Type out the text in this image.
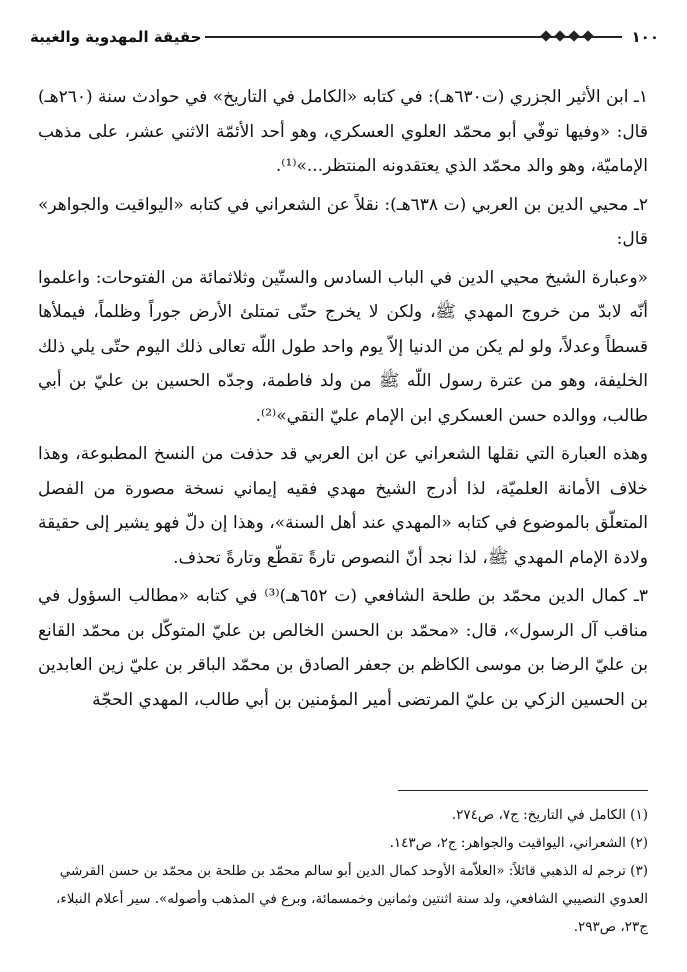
١٠٠
حقيقة المهدوية والغيبة

١ـ ابن الأثير الجزري (ت٦٣٠هـ): في كتابه «الكامل في التاريخ» في حوادث سنة (٢٦٠هـ) قال: «وفيها توفّي أبو محمّد العلوي العسكري، وهو أحد الأئمّة الاثني عشر، على مذهب الإماميّة، وهو والد محمّد الذي يعتقدونه المنتظر...»⁽¹⁾.

٢ـ محيي الدين بن العربي (ت ٦٣٨هـ): نقلاً عن الشعراني في كتابه «اليواقيت والجواهر» قال:

«وعبارة الشيخ محيي الدين في الباب السادس والستّين وثلاثمائة من الفتوحات: واعلموا أنّه لابدّ من خروج المهدي ﷺ، ولكن لا يخرج حتّى تمتلئ الأرض جوراً وظلماً، فيملأها قسطاً وعدلاً، ولو لم يكن من الدنيا إلاّ يوم واحد طول اللّه تعالى ذلك اليوم حتّى يلي ذلك الخليفة، وهو من عترة رسول اللّه ﷺ من ولد فاطمة، وجدّه الحسين بن عليّ بن أبي طالب، ووالده حسن العسكري ابن الإمام عليّ النقي»⁽²⁾.

وهذه العبارة التي نقلها الشعراني عن ابن العربي قد حذفت من النسخ المطبوعة، وهذا خلاف الأمانة العلميّة، لذا أدرج الشيخ مهدي فقيه إيماني نسخة مصورة من الفصل المتعلّق بالموضوع في كتابه «المهدي عند أهل السنة»، وهذا إن دلّ فهو يشير إلى حقيقة ولادة الإمام المهدي ﷺ، لذا نجد أنّ النصوص تارةً تقطّع وتارةً تحذف.

٣ـ كمال الدين محمّد بن طلحة الشافعي (ت ٦٥٢هـ)⁽³⁾ في كتابه «مطالب السؤول في مناقب آل الرسول»، قال: «محمّد بن الحسن الخالص بن عليّ المتوكّل بن محمّد القانع بن عليّ الرضا بن موسى الكاظم بن جعفر الصادق بن محمّد الباقر بن عليّ زين العابدين بن الحسين الزكي بن عليّ المرتضى أمير المؤمنين بن أبي طالب، المهدي الحجّة

(١) الكامل في التاريخ: ج٧، ص٢٧٤.

(٢) الشعراني، اليواقيت والجواهر: ج٢، ص١٤٣.

(٣) ترجم له الذهبي قائلاً: «العلاّمة الأوحد كمال الدين أبو سالم محمّد بن طلحة بن محمّد بن حسن القرشي العدوي النصيبي الشافعي، ولد سنة اثنتين وثمانين وخمسمائة، وبرع في المذهب وأصوله». سير أعلام النبلاء، ج٢٣، ص٢٩٣.
